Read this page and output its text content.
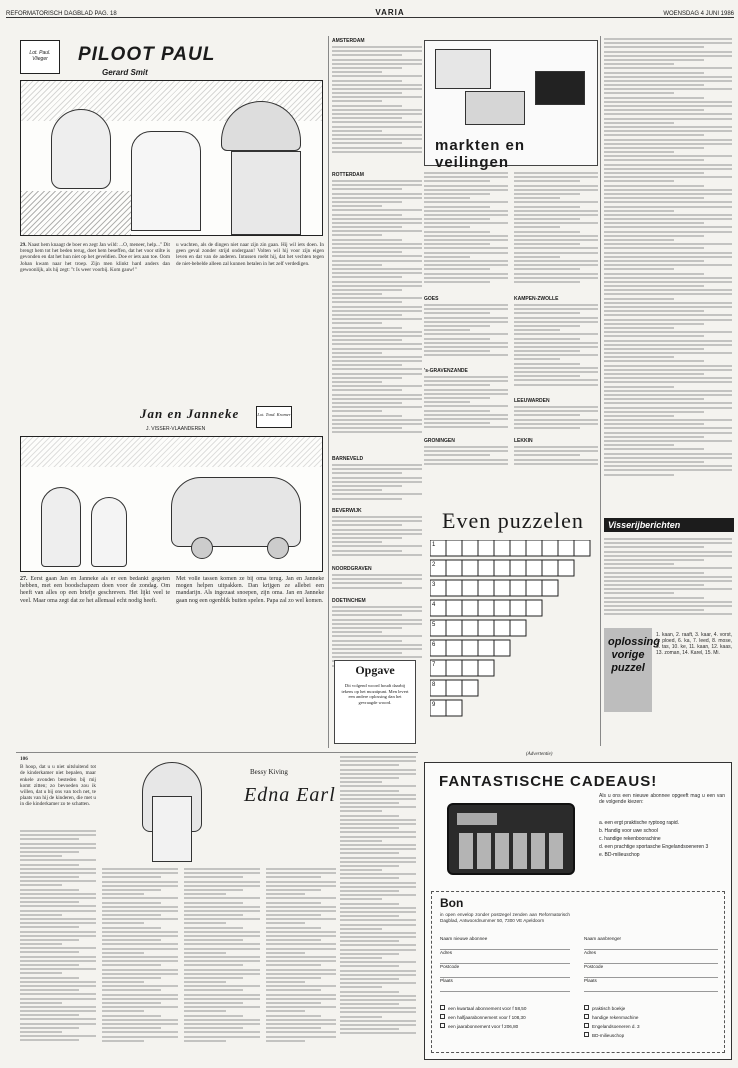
REFORMATORISCH DAGBLAD PAG. 18	VARIA	WOENSDAG 4 JUNI 1986
Lot. Paul. Vlieger	PILOOT PAUL
Gerard Smit

29. Naast hem knaagt de boer en zegt Jan wild: ...O, meneer, help..." Dit brengt hem tot het beden terug, doet hem beseffen, dat het voor stilte is gevonden en dat het hun niet op het geveldien. Doe er iets aan toe. Oom Johan kwam naar het troep. Zijn men klinkt hard anders dan gewoonlijk, als hij zegt: "t Is weer voorbij. Kom gauw!"

u wachten, als de dingen niet naar zijn zin gaan. Hij wil iets doen. In geen geval zonder strijd ondergaan! Volten wil hij voor zijn eigen leven en dat van de anderen. Intussen roebt hij, dat het vechten tegen de niet-bebelde alleen zal kunnen betalen in het zelf verdedigen.

Jan en Janneke
J. VISSER-VLAANDEREN
Lot. Tond. Kramer

27. Eerst gaan Jan en Janneke als er een bedankt gegeten hebben, met een boodschapzen doen voor de zondag. Om heeft van alles op een briefje geschreven. Het lijkt veel te veel. Maar oma zegt dat ze het allemaal echt nodig heeft.

Met volle tassen komen ze bij oma terug. Jan en Janneke mogen helpen uitpakken. Dan krijgen ze allebei een mandarijn. Als ingezaat snoepen, zijn oma. Jan en Janneke gaan nog een ogenblik buiten spelen. Papa zal zo wel komen.

AMSTERDAM
ROTTERDAM
BARNEVELD
BEVERWIJK
NOORDGRAVEN
DOETINCHEM
Opgave
Dit volgend woord houdt daarbij tekens op het mozaïpunt. Men levert een andere oplossing dan het gevraagde woord.
markten en veilingen
GOES
's-GRAVENZANDE
GRONINGEN
KAMPEN-ZWOLLE
LEEUWARDEN
LEKKIN
Even puzzelen
1
2
3
4
5
6
7
8
9
Visserijberichten
oplossing vorige puzzel

1. kaan, 2. raaft, 3. kaar, 4. vorst, 5. ploed, 6. ka, 7. leed, 8. mose, 9. tas, 10. ke, 11. kaan, 12. kaas, 13. zoman, 14. Karel, 15. Mi.

106

B hoop, dat u u niet uitsluitend tot de kinderkamer niet bepalen, maar enkele avonden besteden bij mij komt zitten; zo bevoeden zou ik willen, dat u bij ons van toch net, te plaats van hij de kinderen, die met u in die kinderkamer zo te schatten.

Bessy Kiving
Edna Earl
(Advertentie)
FANTASTISCHE CADEAUS!
Als u ons een nieuwe abonnee opgeeft mag u een van de volgende kiezen:
a. een ergt praktische ryptoog rapid.
b. Handig voor uwe school
c. handige rekenboorachine
d. een prachtige sportasche Engelandsoeneren 3
e. BD-milieuschop
Bon
in open envelop zonder postzegel zenden aan Reformatorisch Dagblad, Antwoordnummer 50, 7300 VE Apeldoorn
Naam nieuwe abonnee
Adres
Postcode
Plaats
Naam aanbrenger
Adres
Postcode
Plaats
een kwartaal abonnement voor f 58,50
een halfjaarabonnement voor f 108,30
een jaarabonnement voor f 206,80
praktisch boekje
handige rekenmachine
Engelandsoeneren d. 3
BD-milieuschop
